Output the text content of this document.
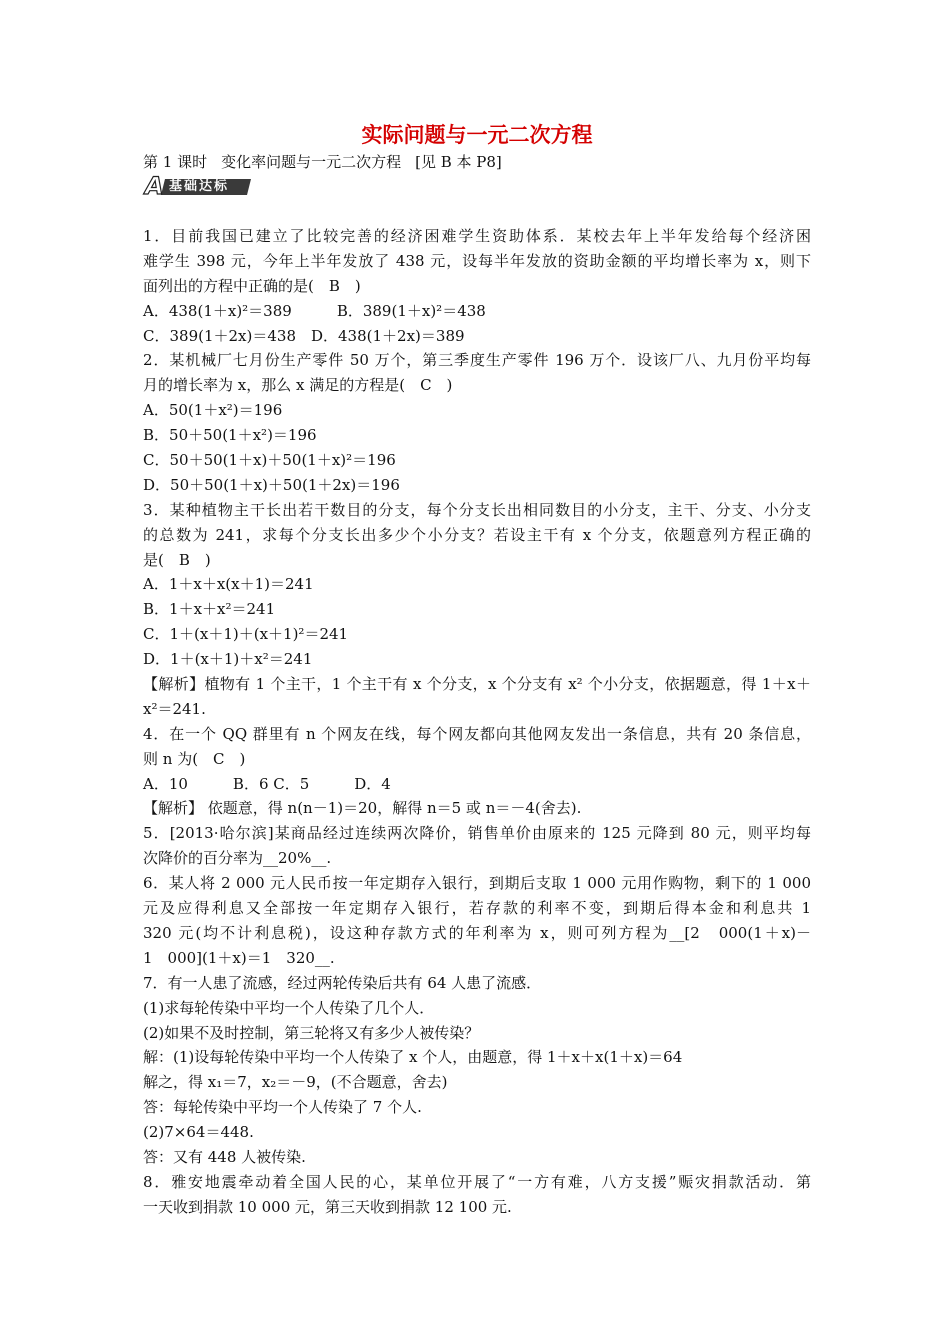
实际问题与一元二次方程
第 1 课时 变化率问题与一元二次方程 [见 B 本 P8]
A 基础达标
1．目前我国已建立了比较完善的经济困难学生资助体系．某校去年上半年发给每个经济困
难学生 398 元，今年上半年发放了 438 元，设每半年发放的资助金额的平均增长率为 x，则下
面列出的方程中正确的是(　B　)
A．438(1＋x)²＝389　　　B．389(1＋x)²＝438
C．389(1＋2x)＝438　D．438(1＋2x)＝389
2．某机械厂七月份生产零件 50 万个，第三季度生产零件 196 万个．设该厂八、九月份平均每
月的增长率为 x，那么 x 满足的方程是(　C　)
A．50(1＋x²)＝196
B．50＋50(1＋x²)＝196
C．50＋50(1＋x)＋50(1＋x)²＝196
D．50＋50(1＋x)＋50(1＋2x)＝196
3．某种植物主干长出若干数目的分支，每个分支长出相同数目的小分支，主干、分支、小分支
的总数为 241，求每个分支长出多少个小分支？若设主干有 x 个分支，依题意列方程正确的
是(　B　)
A．1＋x＋x(x＋1)＝241
B．1＋x＋x²＝241
C．1＋(x＋1)＋(x＋1)²＝241
D．1＋(x＋1)＋x²＝241
【解析】植物有 1 个主干，1 个主干有 x 个分支，x 个分支有 x² 个小分支，依据题意，得 1＋x＋
x²＝241.
4．在一个 QQ 群里有 n 个网友在线，每个网友都向其他网友发出一条信息，共有 20 条信息，
则 n 为(　C　)
A．10　　　B．6 C．5　　　D．4
【解析】 依题意，得 n(n－1)＝20，解得 n＝5 或 n＝－4(舍去).
5．[2013·哈尔滨]某商品经过连续两次降价，销售单价由原来的 125 元降到 80 元，则平均每
次降价的百分率为__20%__.
6．某人将 2 000 元人民币按一年定期存入银行，到期后支取 1 000 元用作购物，剩下的 1 000
元及应得利息又全部按一年定期存入银行，若存款的利率不变，到期后得本金和利息共 1
320 元(均不计利息税)，设这种存款方式的年利率为 x，则可列方程为__[2　000(1＋x)－
1　000](1＋x)＝1　320__.
7．有一人患了流感，经过两轮传染后共有 64 人患了流感．
(1)求每轮传染中平均一个人传染了几个人．
(2)如果不及时控制，第三轮将又有多少人被传染？
解：(1)设每轮传染中平均一个人传染了 x 个人，由题意，得 1＋x＋x(1＋x)＝64
解之，得 x₁＝7，x₂＝－9，(不合题意，舍去)
答：每轮传染中平均一个人传染了 7 个人.
(2)7×64＝448.
答：又有 448 人被传染.
8．雅安地震牵动着全国人民的心，某单位开展了“一方有难，八方支援”赈灾捐款活动．第
一天收到捐款 10 000 元，第三天收到捐款 12 100 元.
